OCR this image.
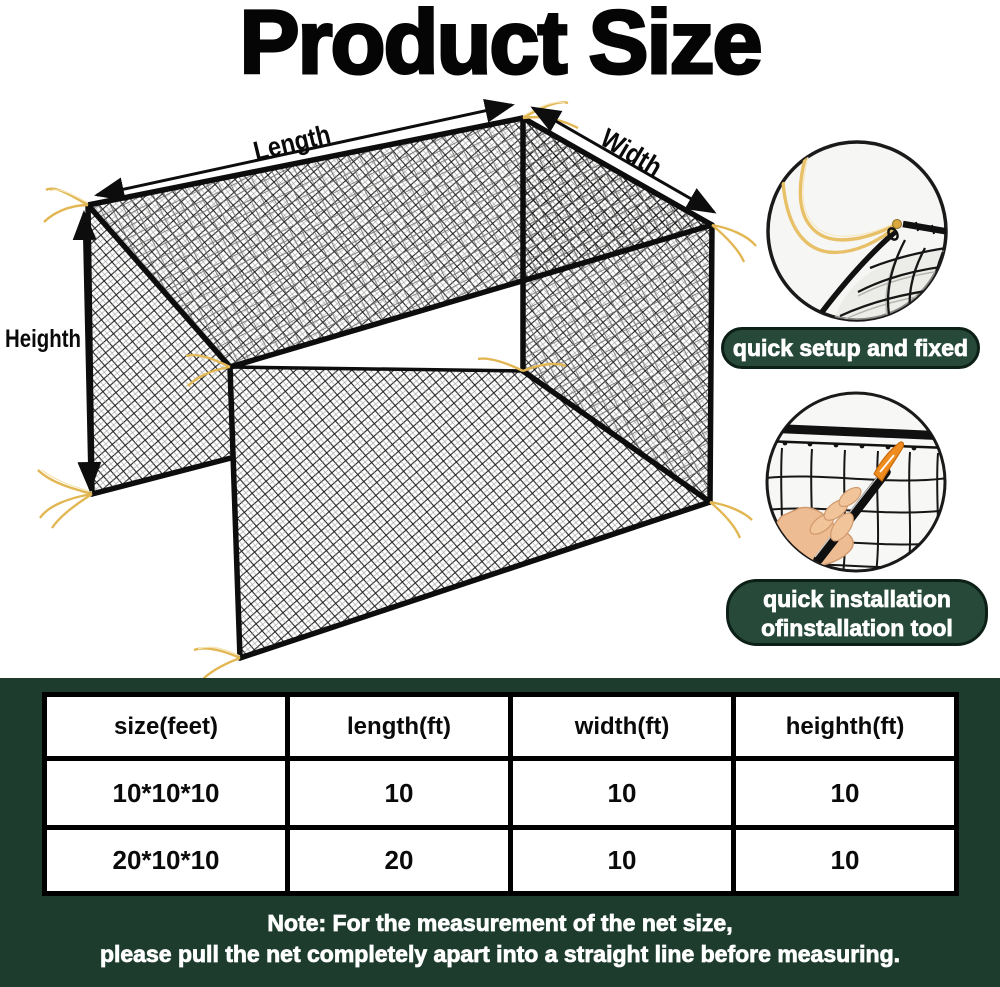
Product Size
Length	Width
Heighth	quick setup and fixed
quick installation
ofinstallation tool
size(feet)	length(ft)	width(ft)	heighth(ft)
10*10*10	10	10	10
20*10*10	20	10	10
Note: For the measurement of the net size,
please pull the net completely apart into a straight line before measuring.
